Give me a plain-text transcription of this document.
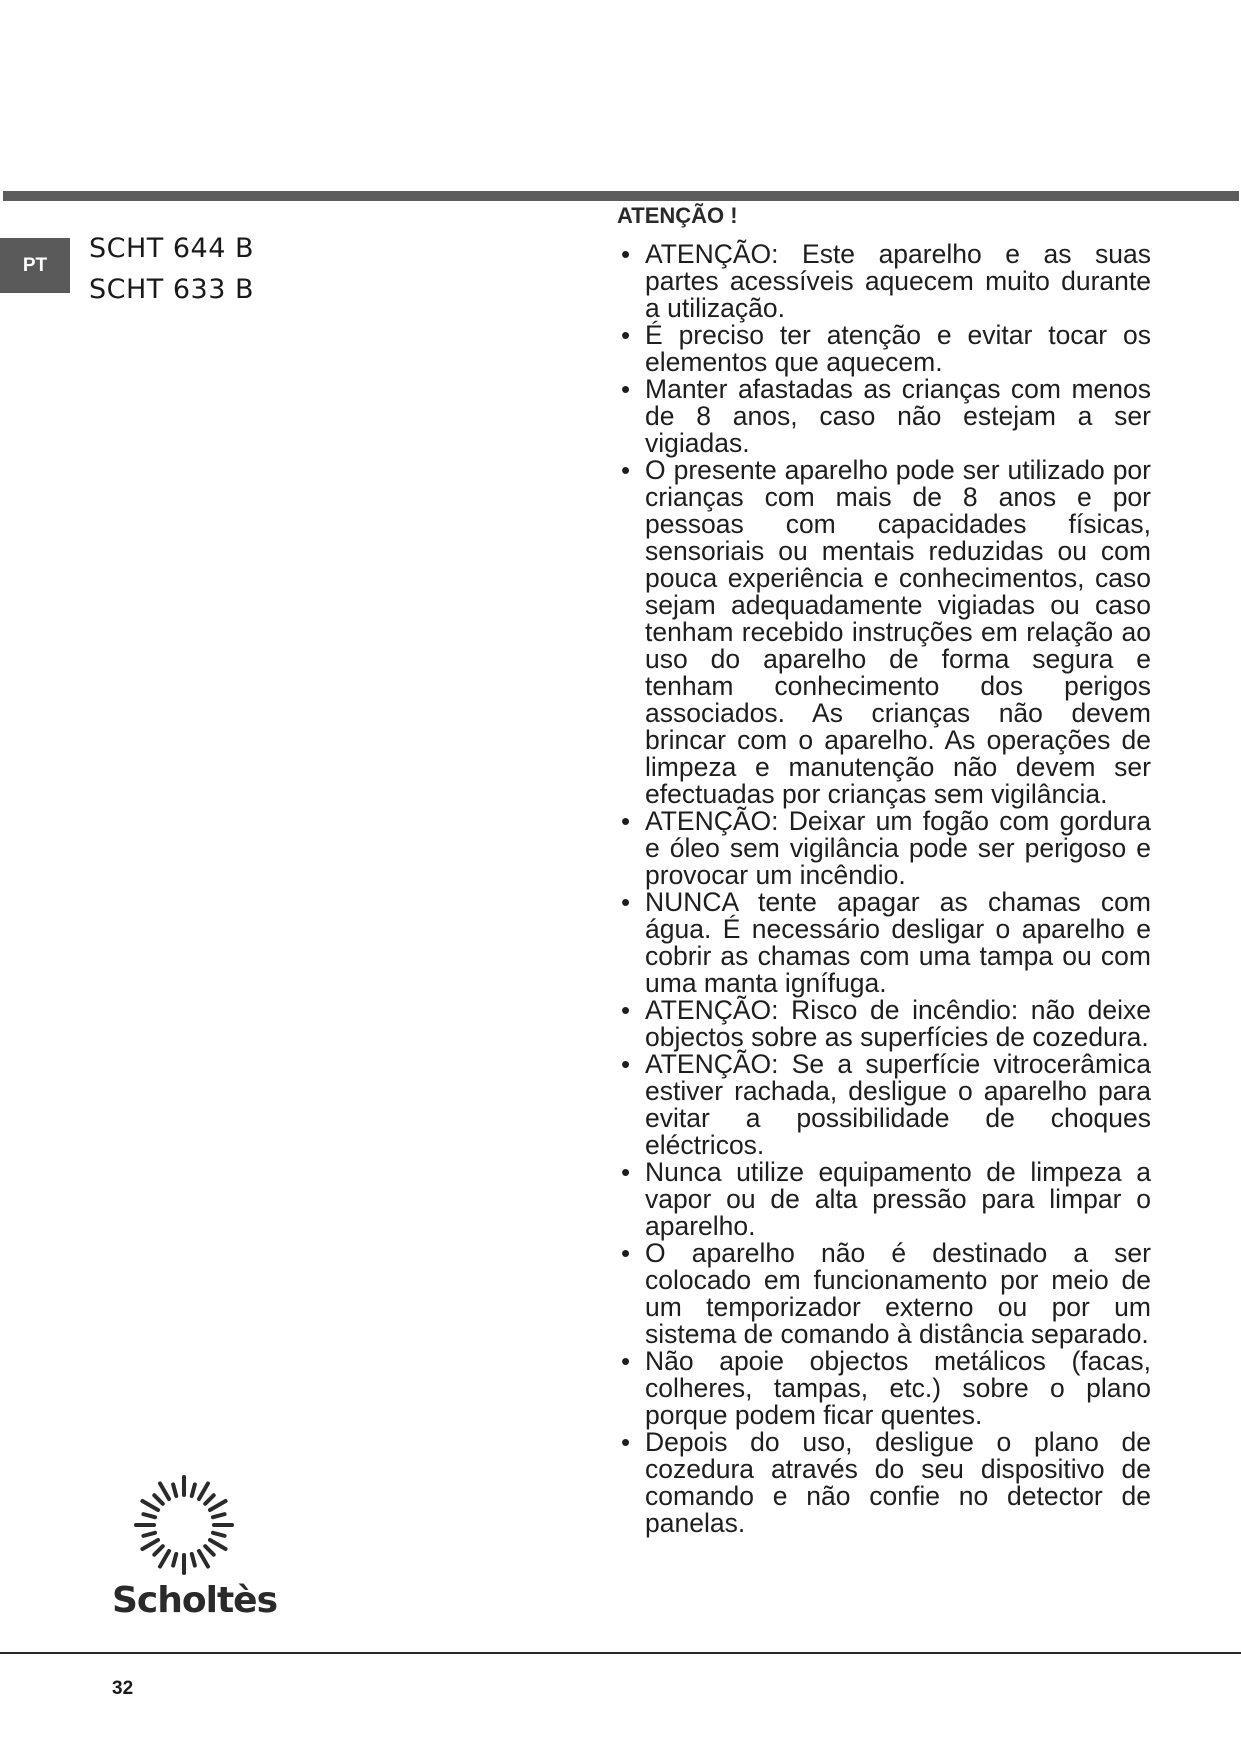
PT
SCHT 644 B
SCHT 633 B
ATENÇÃO !
• ATENÇÃO: Este aparelho e as suas partes acessíveis aquecem muito durante a utilização.
• É preciso ter atenção e evitar tocar os elementos que aquecem.
• Manter afastadas as crianças com menos de 8 anos, caso não estejam a ser vigiadas.
• O presente aparelho pode ser utilizado por crianças com mais de 8 anos e por pessoas com capacidades físicas, sensoriais ou mentais reduzidas ou com pouca experiência e conhecimentos, caso sejam adequadamente vigiadas ou caso tenham recebido instruções em relação ao uso do aparelho de forma segura e tenham conhecimento dos perigos associados. As crianças não devem brincar com o aparelho. As operações de limpeza e manutenção não devem ser efectuadas por crianças sem vigilância.
• ATENÇÃO: Deixar um fogão com gordura e óleo sem vigilância pode ser perigoso e provocar um incêndio.
• NUNCA tente apagar as chamas com água. É necessário desligar o aparelho e cobrir as chamas com uma tampa ou com uma manta ignífuga.
• ATENÇÃO: Risco de incêndio: não deixe objectos sobre as superfícies de cozedura.
• ATENÇÃO: Se a superfície vitrocerâmica estiver rachada, desligue o aparelho para evitar a possibilidade de choques eléctricos.
• Nunca utilize equipamento de limpeza a vapor ou de alta pressão para limpar o aparelho.
• O aparelho não é destinado a ser colocado em funcionamento por meio de um temporizador externo ou por um sistema de comando à distância separado.
• Não apoie objectos metálicos (facas, colheres, tampas, etc.) sobre o plano porque podem ficar quentes.
• Depois do uso, desligue o plano de cozedura através do seu dispositivo de comando e não confie no detector de panelas.
Scholtès
32
